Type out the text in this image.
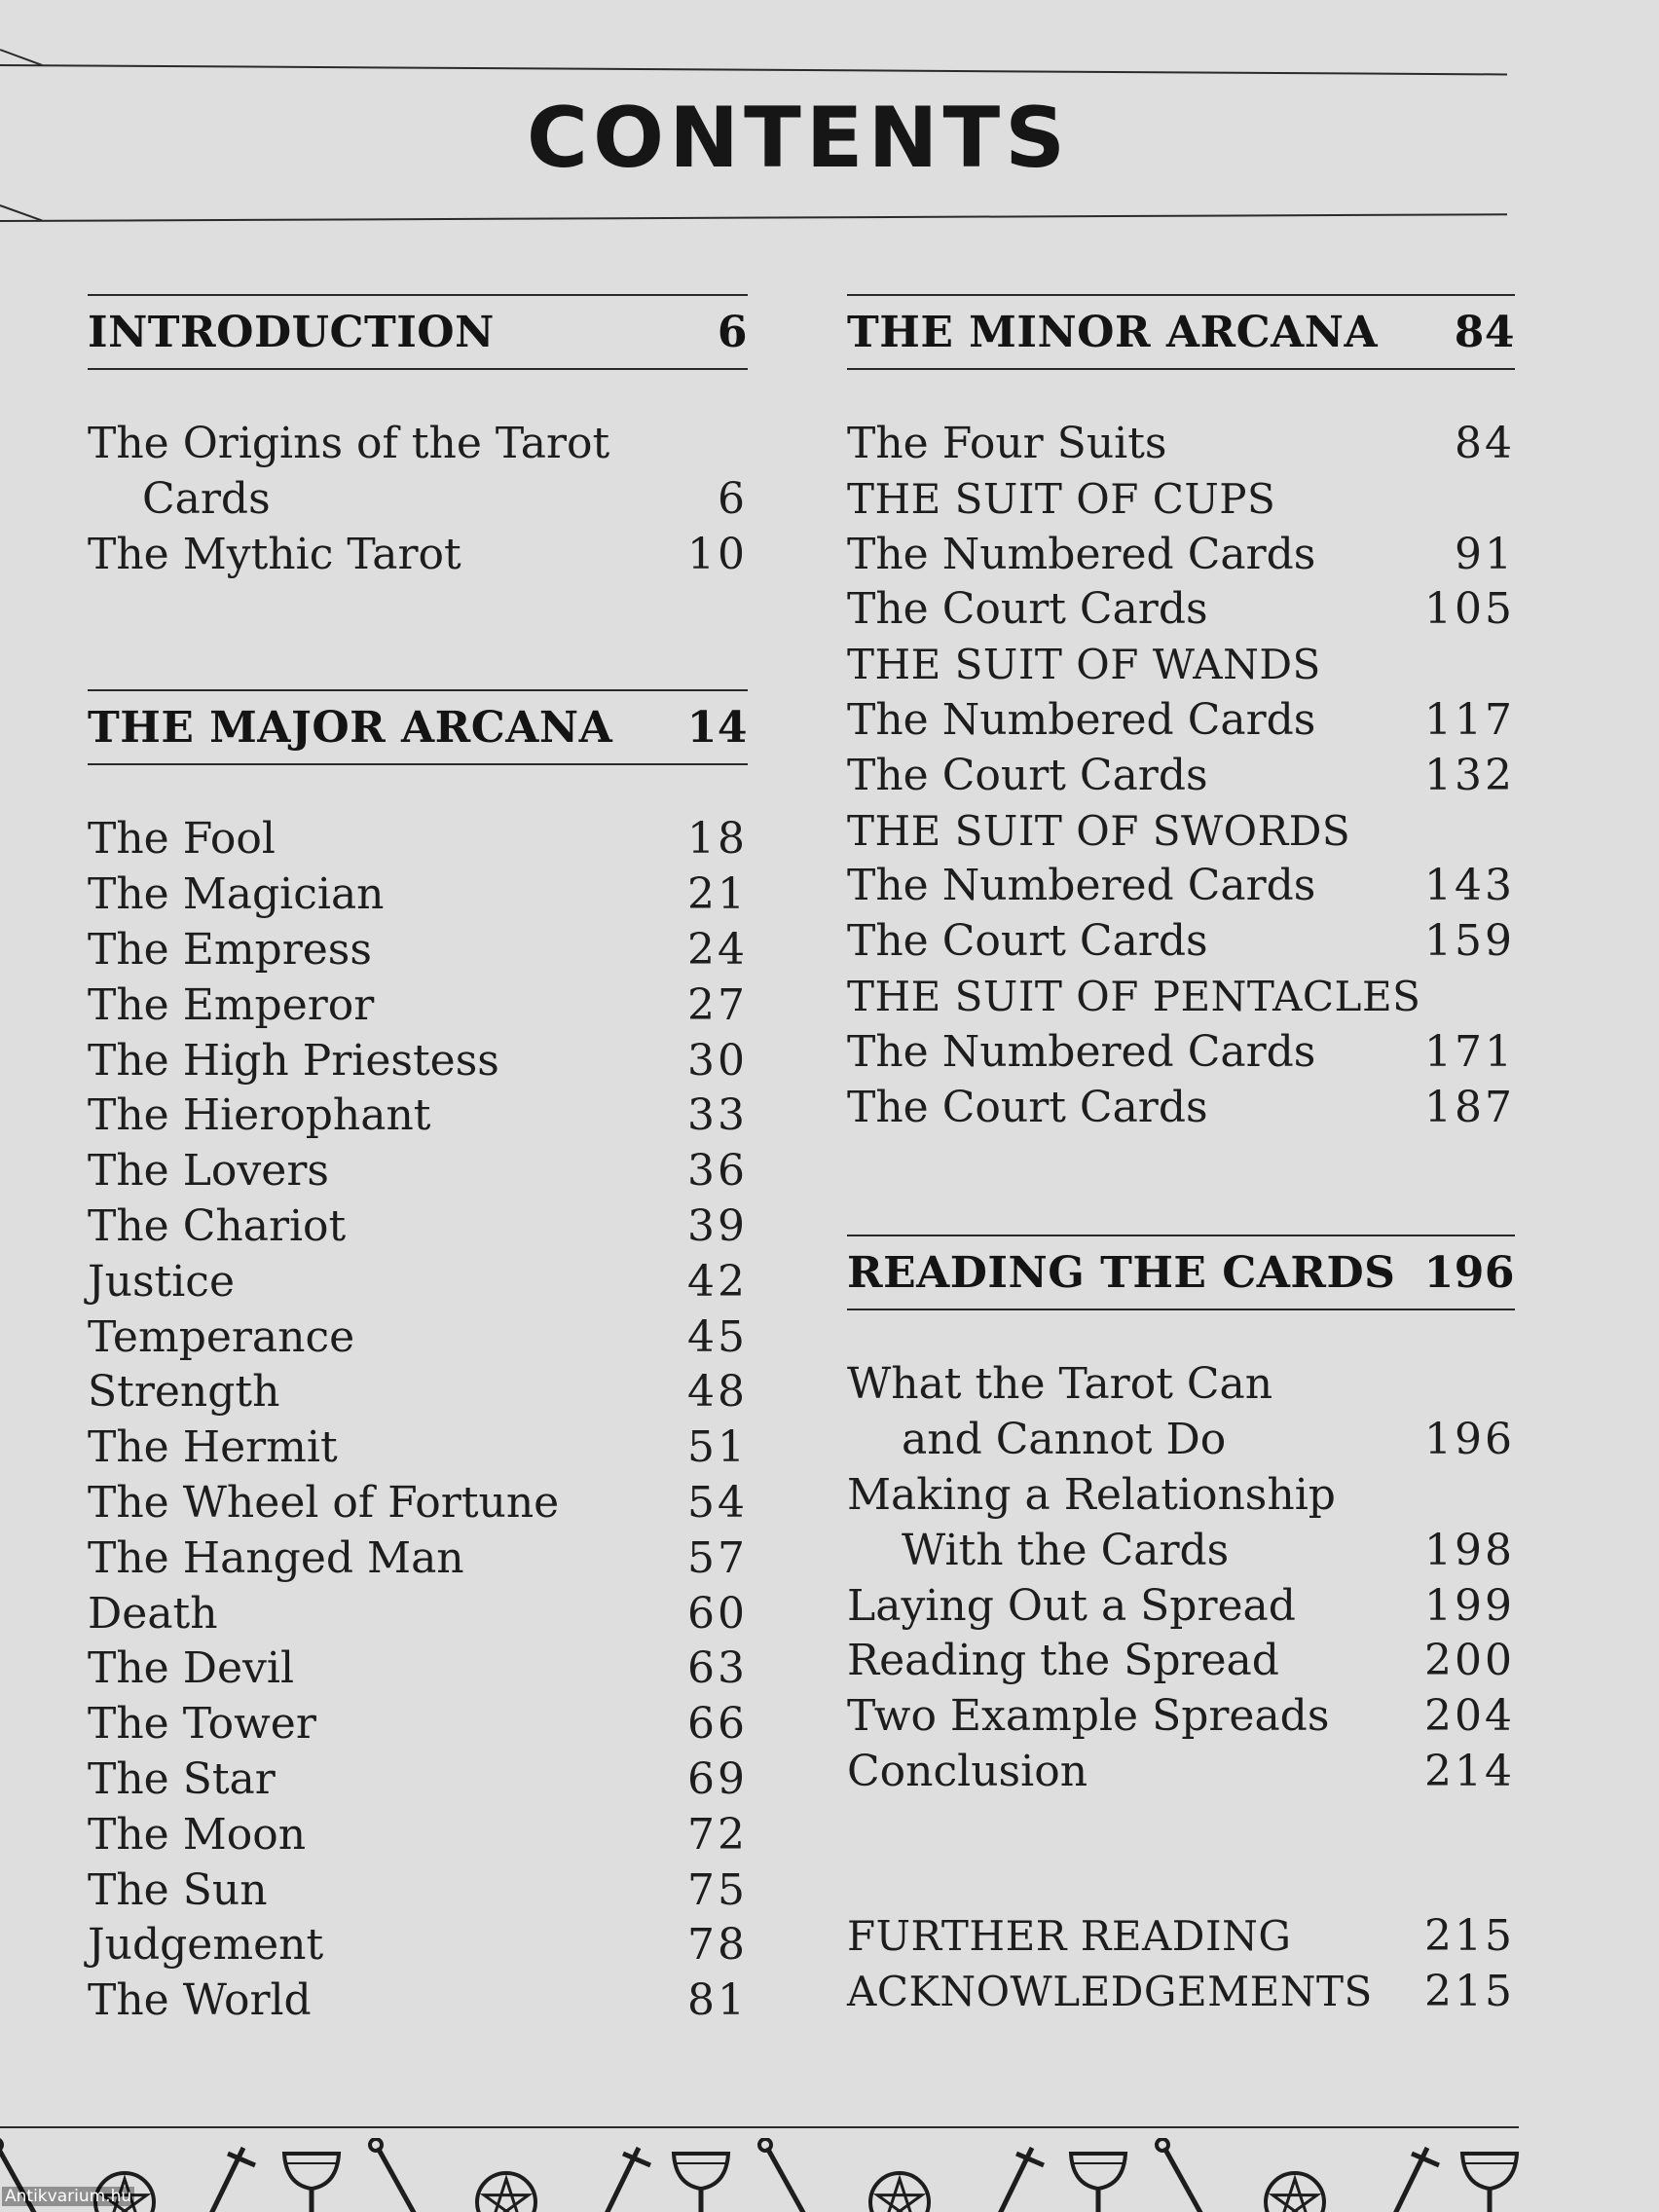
CONTENTS
INTRODUCTION	6
The Origins of the Tarot
Cards	6
The Mythic Tarot	10
THE MAJOR ARCANA 14
The Fool	18
The Magician	21
The Empress	24
The Emperor	27
The High Priestess	30
The Hierophant	33
The Lovers	36
The Chariot	39
Justice	42
Temperance	45
Strength	48
The Hermit	51
The Wheel of Fortune	54
The Hanged Man	57
Death	60
The Devil	63
The Tower	66
The Star	69
The Moon	72
The Sun	75
Judgement	78
The World	81
THE MINOR ARCANA 84
The Four Suits	84
THE SUIT OF CUPS
The Numbered Cards	91
The Court Cards	105
THE SUIT OF WANDS
The Numbered Cards	117
The Court Cards	132
THE SUIT OF SWORDS
The Numbered Cards	143
The Court Cards	159
THE SUIT OF PENTACLES
The Numbered Cards	171
The Court Cards	187
READING THE CARDS 196
What the Tarot Can
and Cannot Do	196
Making a Relationship
With the Cards	198
Laying Out a Spread	199
Reading the Spread	200
Two Example Spreads 204
Conclusion	214
FURTHER READING	215
ACKNOWLEDGEMENTS 215
Antikvarium.hu
